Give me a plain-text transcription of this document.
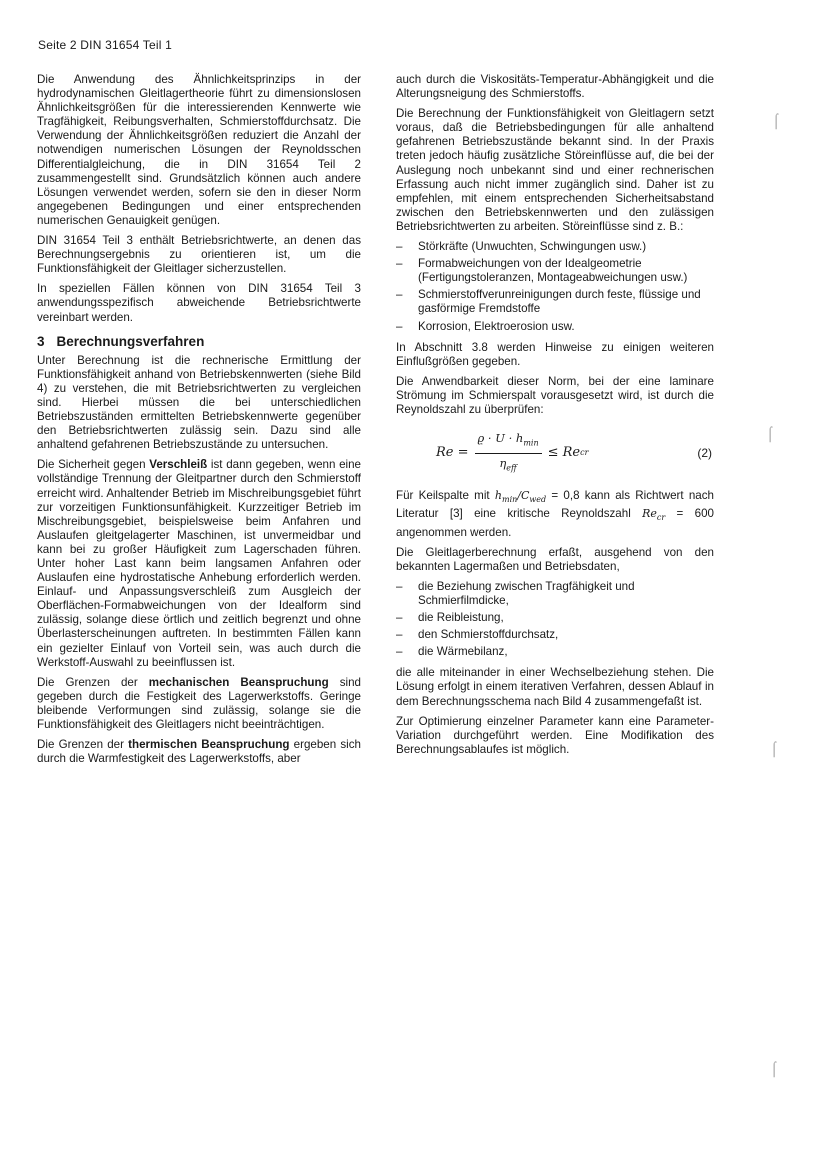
Seite 2 DIN 31654 Teil 1

Die Anwendung des Ähnlichkeitsprinzips in der hydrodynamischen Gleitlagertheorie führt zu dimensionslosen Ähnlichkeitsgrößen für die interessierenden Kennwerte wie Tragfähigkeit, Reibungsverhalten, Schmierstoffdurchsatz. Die Verwendung der Ähnlichkeitsgrößen reduziert die Anzahl der notwendigen numerischen Lösungen der Reynoldsschen Differentialgleichung, die in DIN 31654 Teil 2 zusammengestellt sind. Grundsätzlich können auch andere Lösungen verwendet werden, sofern sie den in dieser Norm angegebenen Bedingungen und einer entsprechenden numerischen Genauigkeit genügen.

DIN 31654 Teil 3 enthält Betriebsrichtwerte, an denen das Berechnungsergebnis zu orientieren ist, um die Funktionsfähigkeit der Gleitlager sicherzustellen.

In speziellen Fällen können von DIN 31654 Teil 3 anwendungsspezifisch abweichende Betriebsrichtwerte vereinbart werden.

3 Berechnungsverfahren

Unter Berechnung ist die rechnerische Ermittlung der Funktionsfähigkeit anhand von Betriebskennwerten (siehe Bild 4) zu verstehen, die mit Betriebsrichtwerten zu vergleichen sind. Hierbei müssen die bei unterschiedlichen Betriebszuständen ermittelten Betriebskennwerte gegenüber den Betriebsrichtwerten zulässig sein. Dazu sind alle anhaltend gefahrenen Betriebszustände zu untersuchen.

Die Sicherheit gegen Verschleiß ist dann gegeben, wenn eine vollständige Trennung der Gleitpartner durch den Schmierstoff erreicht wird. Anhaltender Betrieb im Mischreibungsgebiet führt zur vorzeitigen Funktionsunfähigkeit. Kurzzeitiger Betrieb im Mischreibungsgebiet, beispielsweise beim Anfahren und Auslaufen gleitgelagerter Maschinen, ist unvermeidbar und kann bei zu großer Häufigkeit zum Lagerschaden führen. Unter hoher Last kann beim langsamen Anfahren oder Auslaufen eine hydrostatische Anhebung erforderlich werden. Einlauf- und Anpassungsverschleiß zum Ausgleich der Oberflächen-Formabweichungen von der Idealform sind zulässig, solange diese örtlich und zeitlich begrenzt und ohne Überlasterscheinungen auftreten. In bestimmten Fällen kann ein gezielter Einlauf von Vorteil sein, was auch durch die Werkstoff-Auswahl zu beeinflussen ist.

Die Grenzen der mechanischen Beanspruchung sind gegeben durch die Festigkeit des Lagerwerkstoffs. Geringe bleibende Verformungen sind zulässig, solange sie die Funktionsfähigkeit des Gleitlagers nicht beeinträchtigen.

Die Grenzen der thermischen Beanspruchung ergeben sich durch die Warmfestigkeit des Lagerwerkstoffs, aber

auch durch die Viskositäts-Temperatur-Abhängigkeit und die Alterungsneigung des Schmierstoffs.

Die Berechnung der Funktionsfähigkeit von Gleitlagern setzt voraus, daß die Betriebsbedingungen für alle anhaltend gefahrenen Betriebszustände bekannt sind. In der Praxis treten jedoch häufig zusätzliche Störeinflüsse auf, die bei der Auslegung noch unbekannt sind und einer rechnerischen Erfassung auch nicht immer zugänglich sind. Daher ist zu empfehlen, mit einem entsprechenden Sicherheitsabstand zwischen den Betriebskennwerten und den zulässigen Betriebsrichtwerten zu arbeiten. Störeinflüsse sind z. B.:

– Störkräfte (Unwuchten, Schwingungen usw.)
– Formabweichungen von der Idealgeometrie (Fertigungstoleranzen, Montageabweichungen usw.)
– Schmierstoffverunreinigungen durch feste, flüssige und gasförmige Fremdstoffe
– Korrosion, Elektroerosion usw.

In Abschnitt 3.8 werden Hinweise zu einigen weiteren Einflußgrößen gegeben.

Die Anwendbarkeit dieser Norm, bei der eine laminare Strömung im Schmierspalt vorausgesetzt wird, ist durch die Reynoldszahl zu überprüfen:

$Re = \frac{ϱ \cdot U \cdot h_{min}}{\eta_{eff}} \le Re$ cr	(2)

Für Keilspalte mit $h_{min}/C_{wed} = 0,8$ kann als Richtwert nach Literatur [3] eine kritische Reynoldszahl $Re_{cr} = 600$ angenommen werden.

Die Gleitlagerberechnung erfaßt, ausgehend von den bekannten Lagermaßen und Betriebsdaten,

– die Beziehung zwischen Tragfähigkeit und Schmierfilmdicke,
– die Reibleistung,
– den Schmierstoffdurchsatz,
– die Wärmebilanz,

die alle miteinander in einer Wechselbeziehung stehen. Die Lösung erfolgt in einem iterativen Verfahren, dessen Ablauf in dem Berechnungsschema nach Bild 4 zusammengefaßt ist.

Zur Optimierung einzelner Parameter kann eine Parameter-Variation durchgeführt werden. Eine Modifikation des Berechnungsablaufes ist möglich.

⌠
⌠
⌠
⌠
